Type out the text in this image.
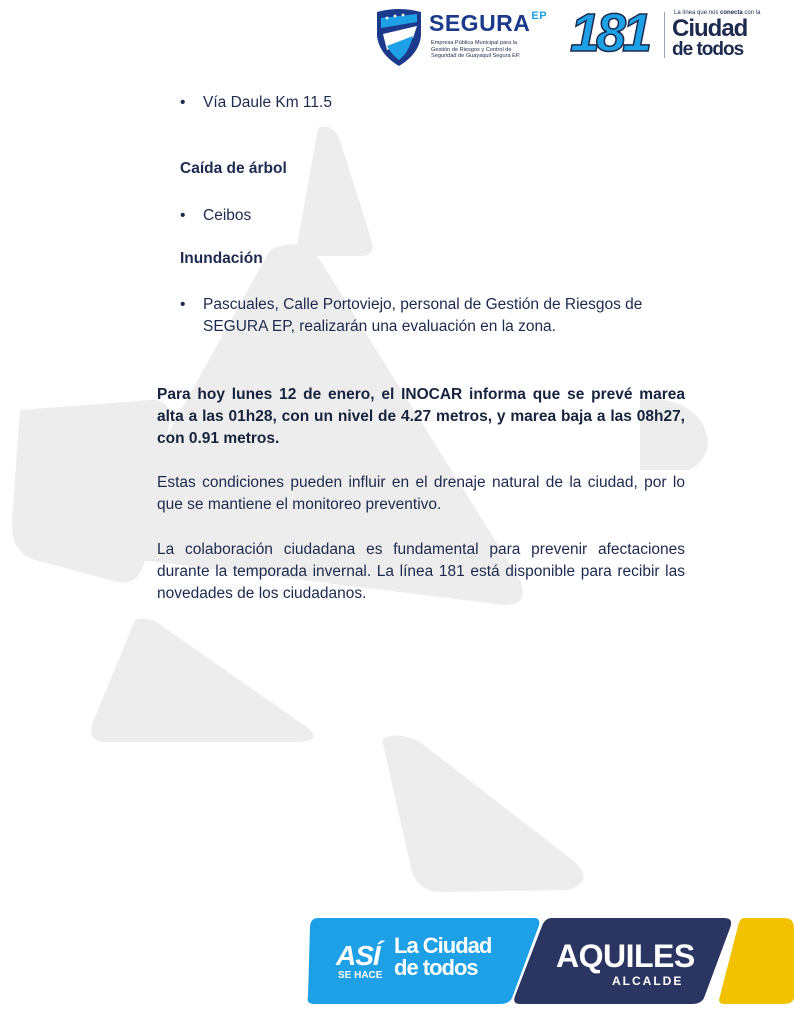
$SEGURA^{EP}$
Empresa Pública Municipal para la
Gestión de Riesgos y Control de
Seguridad de Guayaquil Segura EP. 181	La línea que nos conecta con la
Ciudad
de todos
• Vía Daule Km 11.5
Caída de árbol
• Ceibos
Inundación
• Pascuales, Calle Portoviejo, personal de Gestión de Riesgos de SEGURA EP, realizarán una evaluación en la zona.
Para hoy lunes 12 de enero, el INOCAR informa que se prevé marea alta a las 01h28, con un nivel de 4.27 metros, y marea baja a las 08h27, con 0.91 metros.
Estas condiciones pueden influir en el drenaje natural de la ciudad, por lo que se mantiene el monitoreo preventivo.
La colaboración ciudadana es fundamental para prevenir afectaciones durante la temporada invernal. La línea 181 está disponible para recibir las novedades de los ciudadanos.
ASÍ
SE HACE
La Ciudad
de todos AQUILES
ALCALDE
